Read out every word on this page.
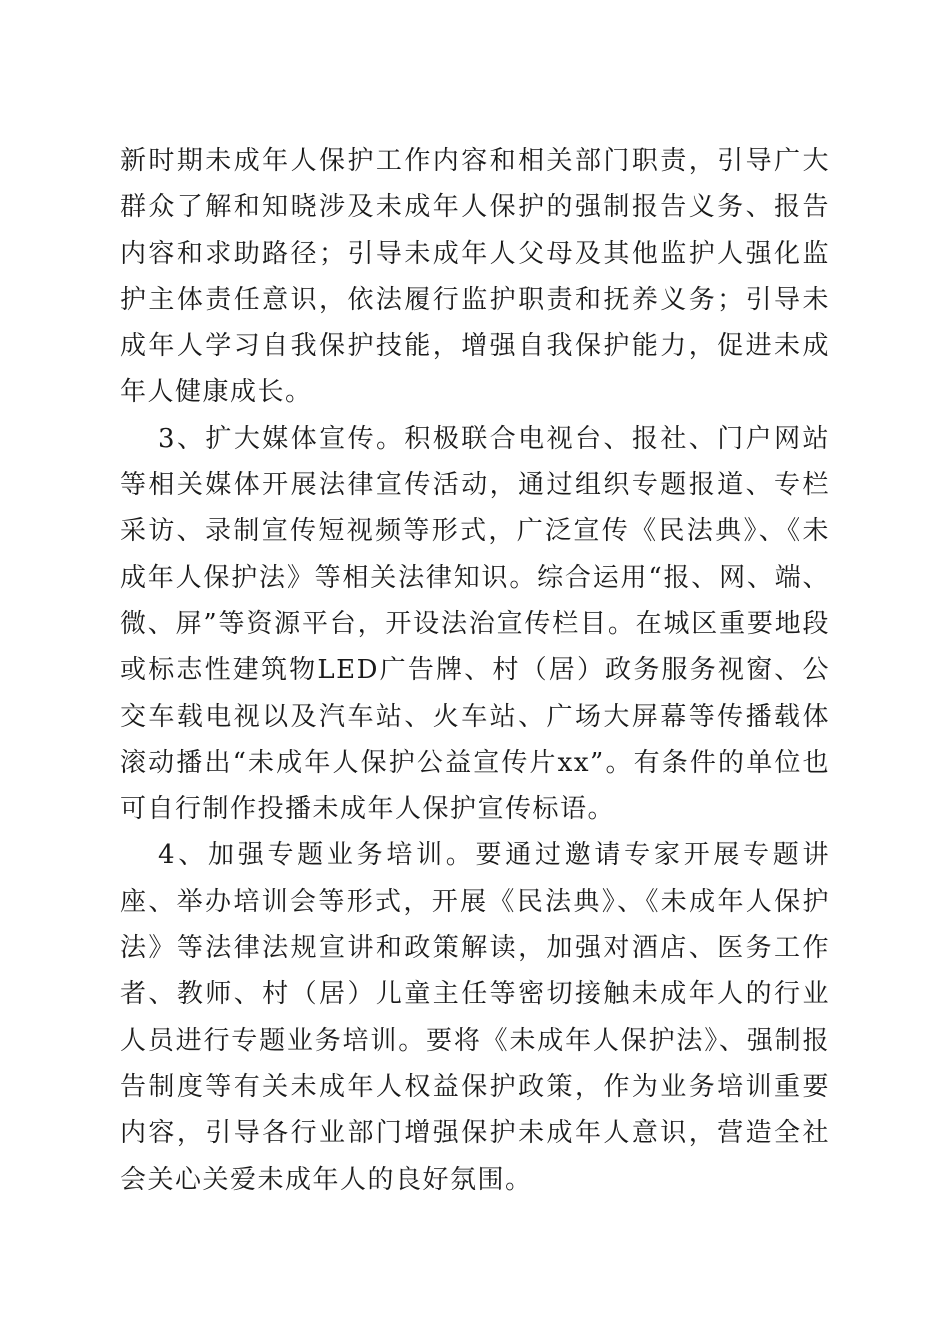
新时期未成年人保护工作内容和相关部门职责，引导广大群众了解和知晓涉及未成年人保护的强制报告义务、报告内容和求助路径；引导未成年人父母及其他监护人强化监护主体责任意识，依法履行监护职责和抚养义务；引导未成年人学习自我保护技能，增强自我保护能力，促进未成年人健康成长。

3、扩大媒体宣传。积极联合电视台、报社、门户网站等相关媒体开展法律宣传活动，通过组织专题报道、专栏采访、录制宣传短视频等形式，广泛宣传《民法典》、《未成年人保护法》等相关法律知识。综合运用“报、网、端、微、屏”等资源平台，开设法治宣传栏目。在城区重要地段或标志性建筑物LED广告牌、村（居）政务服务视窗、公交车载电视以及汽车站、火车站、广场大屏幕等传播载体滚动播出“未成年人保护公益宣传片xx”。有条件的单位也可自行制作投播未成年人保护宣传标语。

4、加强专题业务培训。要通过邀请专家开展专题讲座、举办培训会等形式，开展《民法典》、《未成年人保护法》等法律法规宣讲和政策解读，加强对酒店、医务工作者、教师、村（居）儿童主任等密切接触未成年人的行业人员进行专题业务培训。要将《未成年人保护法》、强制报告制度等有关未成年人权益保护政策，作为业务培训重要内容，引导各行业部门增强保护未成年人意识，营造全社会关心关爱未成年人的良好氛围。
